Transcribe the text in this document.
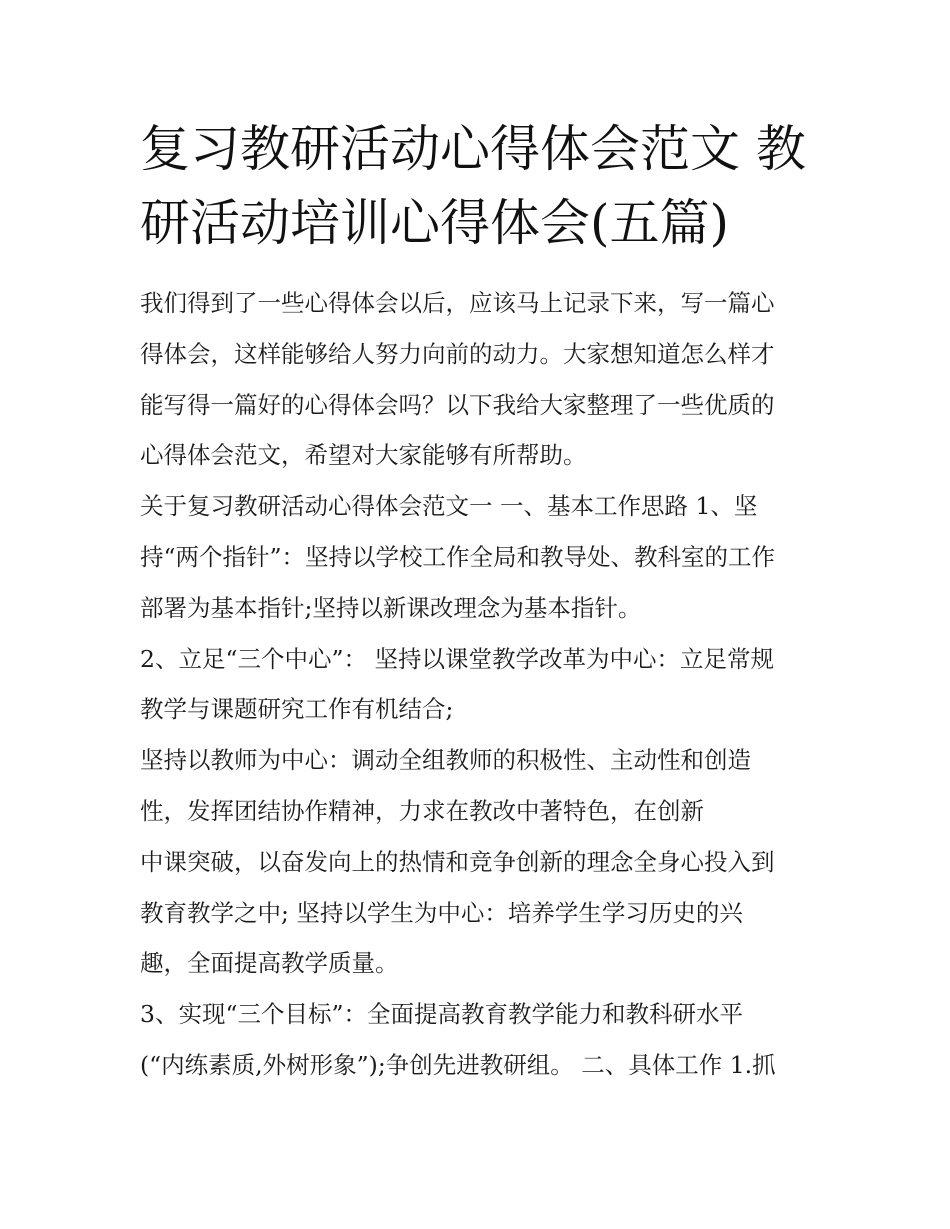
复习教研活动心得体会范文 教
研活动培训心得体会(五篇)
我们得到了一些心得体会以后，应该马上记录下来，写一篇心
得体会，这样能够给人努力向前的动力。大家想知道怎么样才
能写得一篇好的心得体会吗？以下我给大家整理了一些优质的
心得体会范文，希望对大家能够有所帮助。
关于复习教研活动心得体会范文一 一、基本工作思路 1、坚
持“两个指针”：坚持以学校工作全局和教导处、教科室的工作
部署为基本指针;坚持以新课改理念为基本指针。
2、立足“三个中心”： 坚持以课堂教学改革为中心：立足常规
教学与课题研究工作有机结合;
坚持以教师为中心：调动全组教师的积极性、主动性和创造
性，发挥团结协作精神，力求在教改中著特色，在创新
中课突破，以奋发向上的热情和竞争创新的理念全身心投入到
教育教学之中; 坚持以学生为中心：培养学生学习历史的兴
趣，全面提高教学质量。
3、实现“三个目标”：全面提高教育教学能力和教科研水平
(“内练素质,外树形象”);争创先进教研组。 二、具体工作 1.抓
